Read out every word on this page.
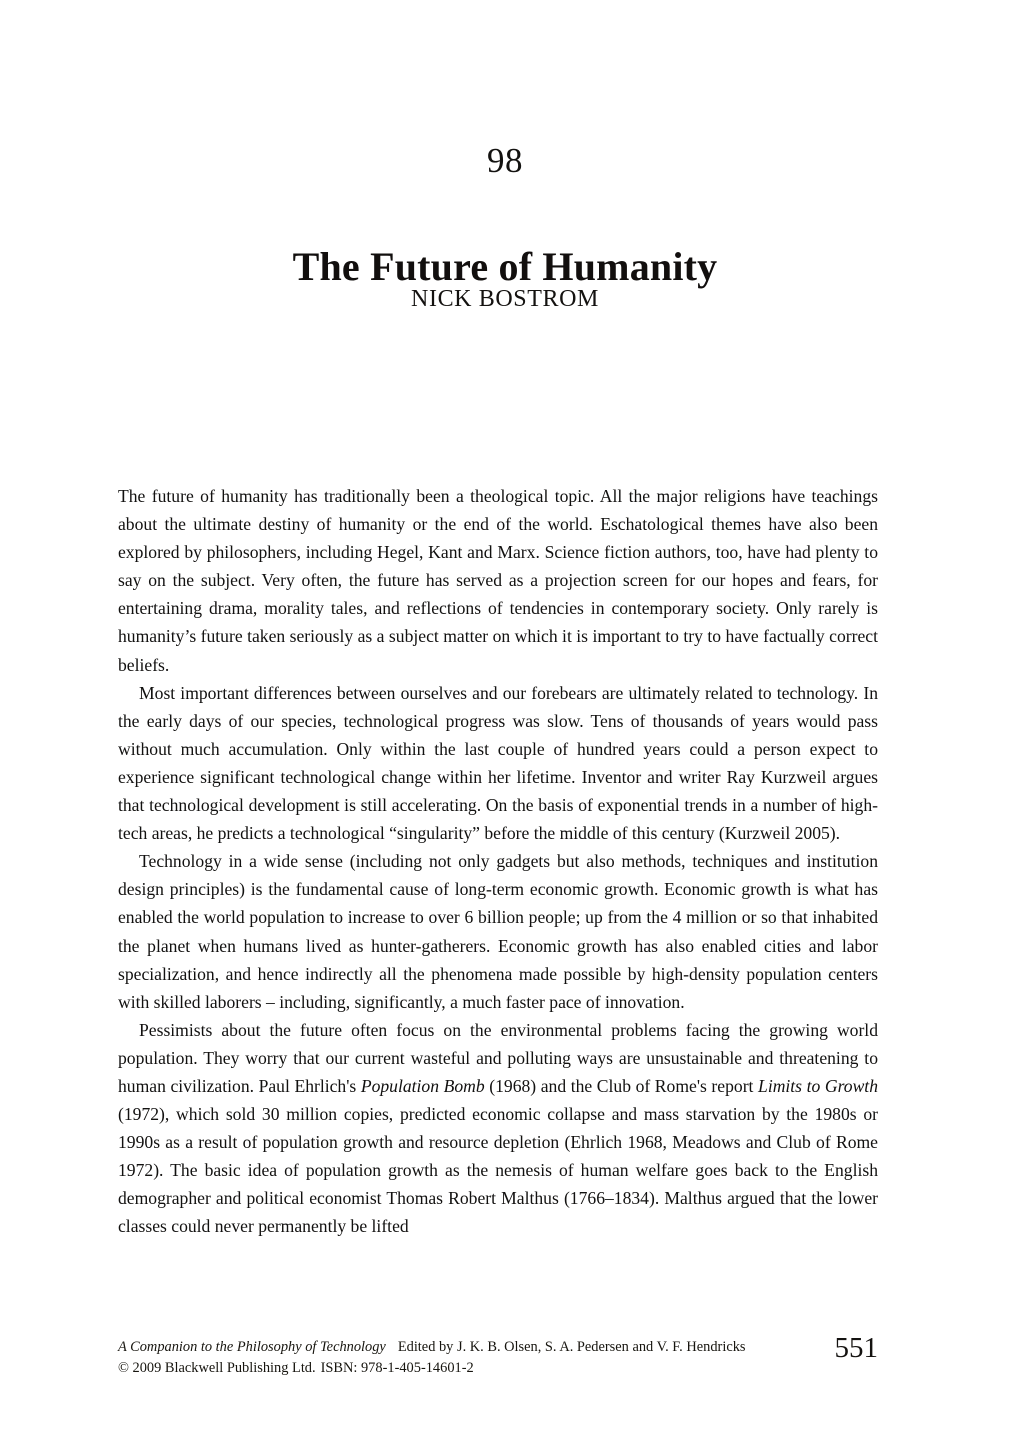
98
The Future of Humanity
NICK BOSTROM

The future of humanity has traditionally been a theological topic. All the major religions have teachings about the ultimate destiny of humanity or the end of the world. Eschatological themes have also been explored by philosophers, including Hegel, Kant and Marx. Science fiction authors, too, have had plenty to say on the subject. Very often, the future has served as a projection screen for our hopes and fears, for entertaining drama, morality tales, and reflections of tendencies in contemporary society. Only rarely is humanity’s future taken seriously as a subject matter on which it is important to try to have factually correct beliefs.

Most important differences between ourselves and our forebears are ultimately related to technology. In the early days of our species, technological progress was slow. Tens of thousands of years would pass without much accumulation. Only within the last couple of hundred years could a person expect to experience significant technological change within her lifetime. Inventor and writer Ray Kurzweil argues that technological development is still accelerating. On the basis of exponential trends in a number of high-tech areas, he predicts a technological “singularity” before the middle of this century (Kurzweil 2005).

Technology in a wide sense (including not only gadgets but also methods, techniques and institution design principles) is the fundamental cause of long-term economic growth. Economic growth is what has enabled the world population to increase to over 6 billion people; up from the 4 million or so that inhabited the planet when humans lived as hunter-gatherers. Economic growth has also enabled cities and labor specialization, and hence indirectly all the phenomena made possible by high-density population centers with skilled laborers – including, significantly, a much faster pace of innovation.

Pessimists about the future often focus on the environmental problems facing the growing world population. They worry that our current wasteful and polluting ways are unsustainable and threatening to human civilization. Paul Ehrlich's Population Bomb (1968) and the Club of Rome's report Limits to Growth (1972), which sold 30 million copies, predicted economic collapse and mass starvation by the 1980s or 1990s as a result of population growth and resource depletion (Ehrlich 1968, Meadows and Club of Rome 1972). The basic idea of population growth as the nemesis of human welfare goes back to the English demographer and political economist Thomas Robert Malthus (1766–1834). Malthus argued that the lower classes could never permanently be lifted

A Companion to the Philosophy of Technology Edited by J. K. B. Olsen, S. A. Pedersen and V. F. Hendricks
© 2009 Blackwell Publishing Ltd. ISBN: 978-1-405-14601-2
551
